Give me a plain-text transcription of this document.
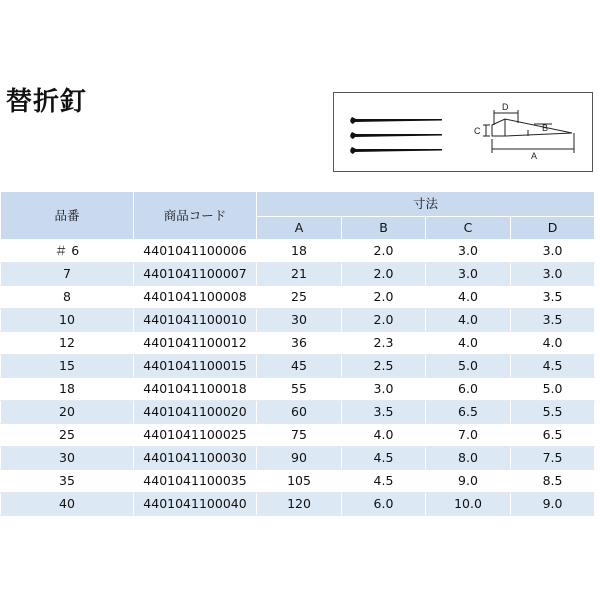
替折釘	D
C	B
A
品番	商品コード	寸法			
		A	B	C	D
＃ 6	4401041100006	18	2.0	3.0	3.0
7	4401041100007	21	2.0	3.0	3.0
8	4401041100008	25	2.0	4.0	3.5
10	4401041100010	30	2.0	4.0	3.5
12	4401041100012	36	2.3	4.0	4.0
15	4401041100015	45	2.5	5.0	4.5
18	4401041100018	55	3.0	6.0	5.0
20	4401041100020	60	3.5	6.5	5.5
25	4401041100025	75	4.0	7.0	6.5
30	4401041100030	90	4.5	8.0	7.5
35	4401041100035	105	4.5	9.0	8.5
40	4401041100040	120	6.0	10.0	9.0
